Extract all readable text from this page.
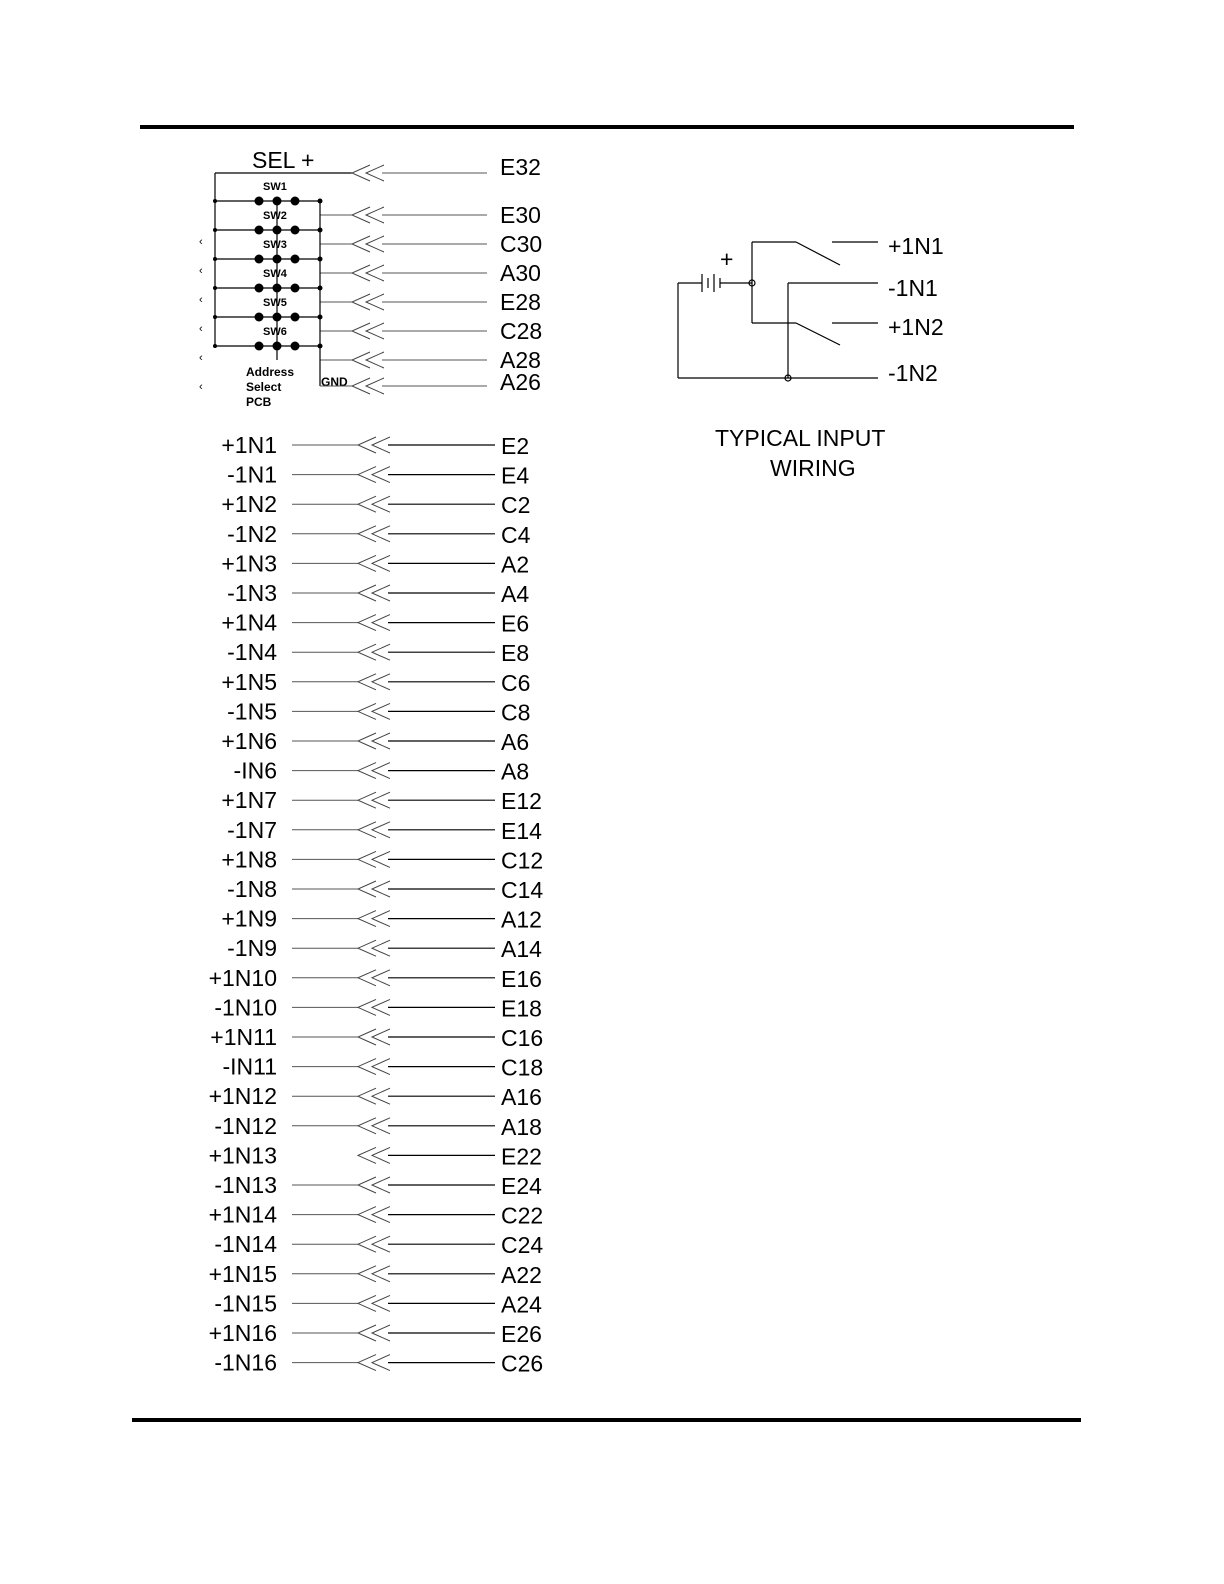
SEL +	E32
GND	A26
Address
Select
PCB
SW1
E30
‹
SW2
C30
‹
SW3
A30
‹
SW4
E28
‹
SW5
C28
‹
SW6
A28
‹
+	+1N1
-1N1
+1N2
-1N2
TYPICAL INPUT
WIRING
+1N1	E2
-1N1	E4
+1N2	C2
-1N2	C4
+1N3	A2
-1N3	A4
+1N4	E6
-1N4	E8
+1N5	C6
-1N5	C8
+1N6	A6
-IN6	A8
+1N7	E12
-1N7	E14
+1N8	C12
-1N8	C14
+1N9	A12
-1N9	A14
+1N10	E16
-1N10	E18
+1N11	C16
-IN11	C18
+1N12	A16
-1N12	A18
+1N13	E22
-1N13	E24
+1N14	C22
-1N14	C24
+1N15	A22
-1N15	A24
+1N16	E26
-1N16	C26
